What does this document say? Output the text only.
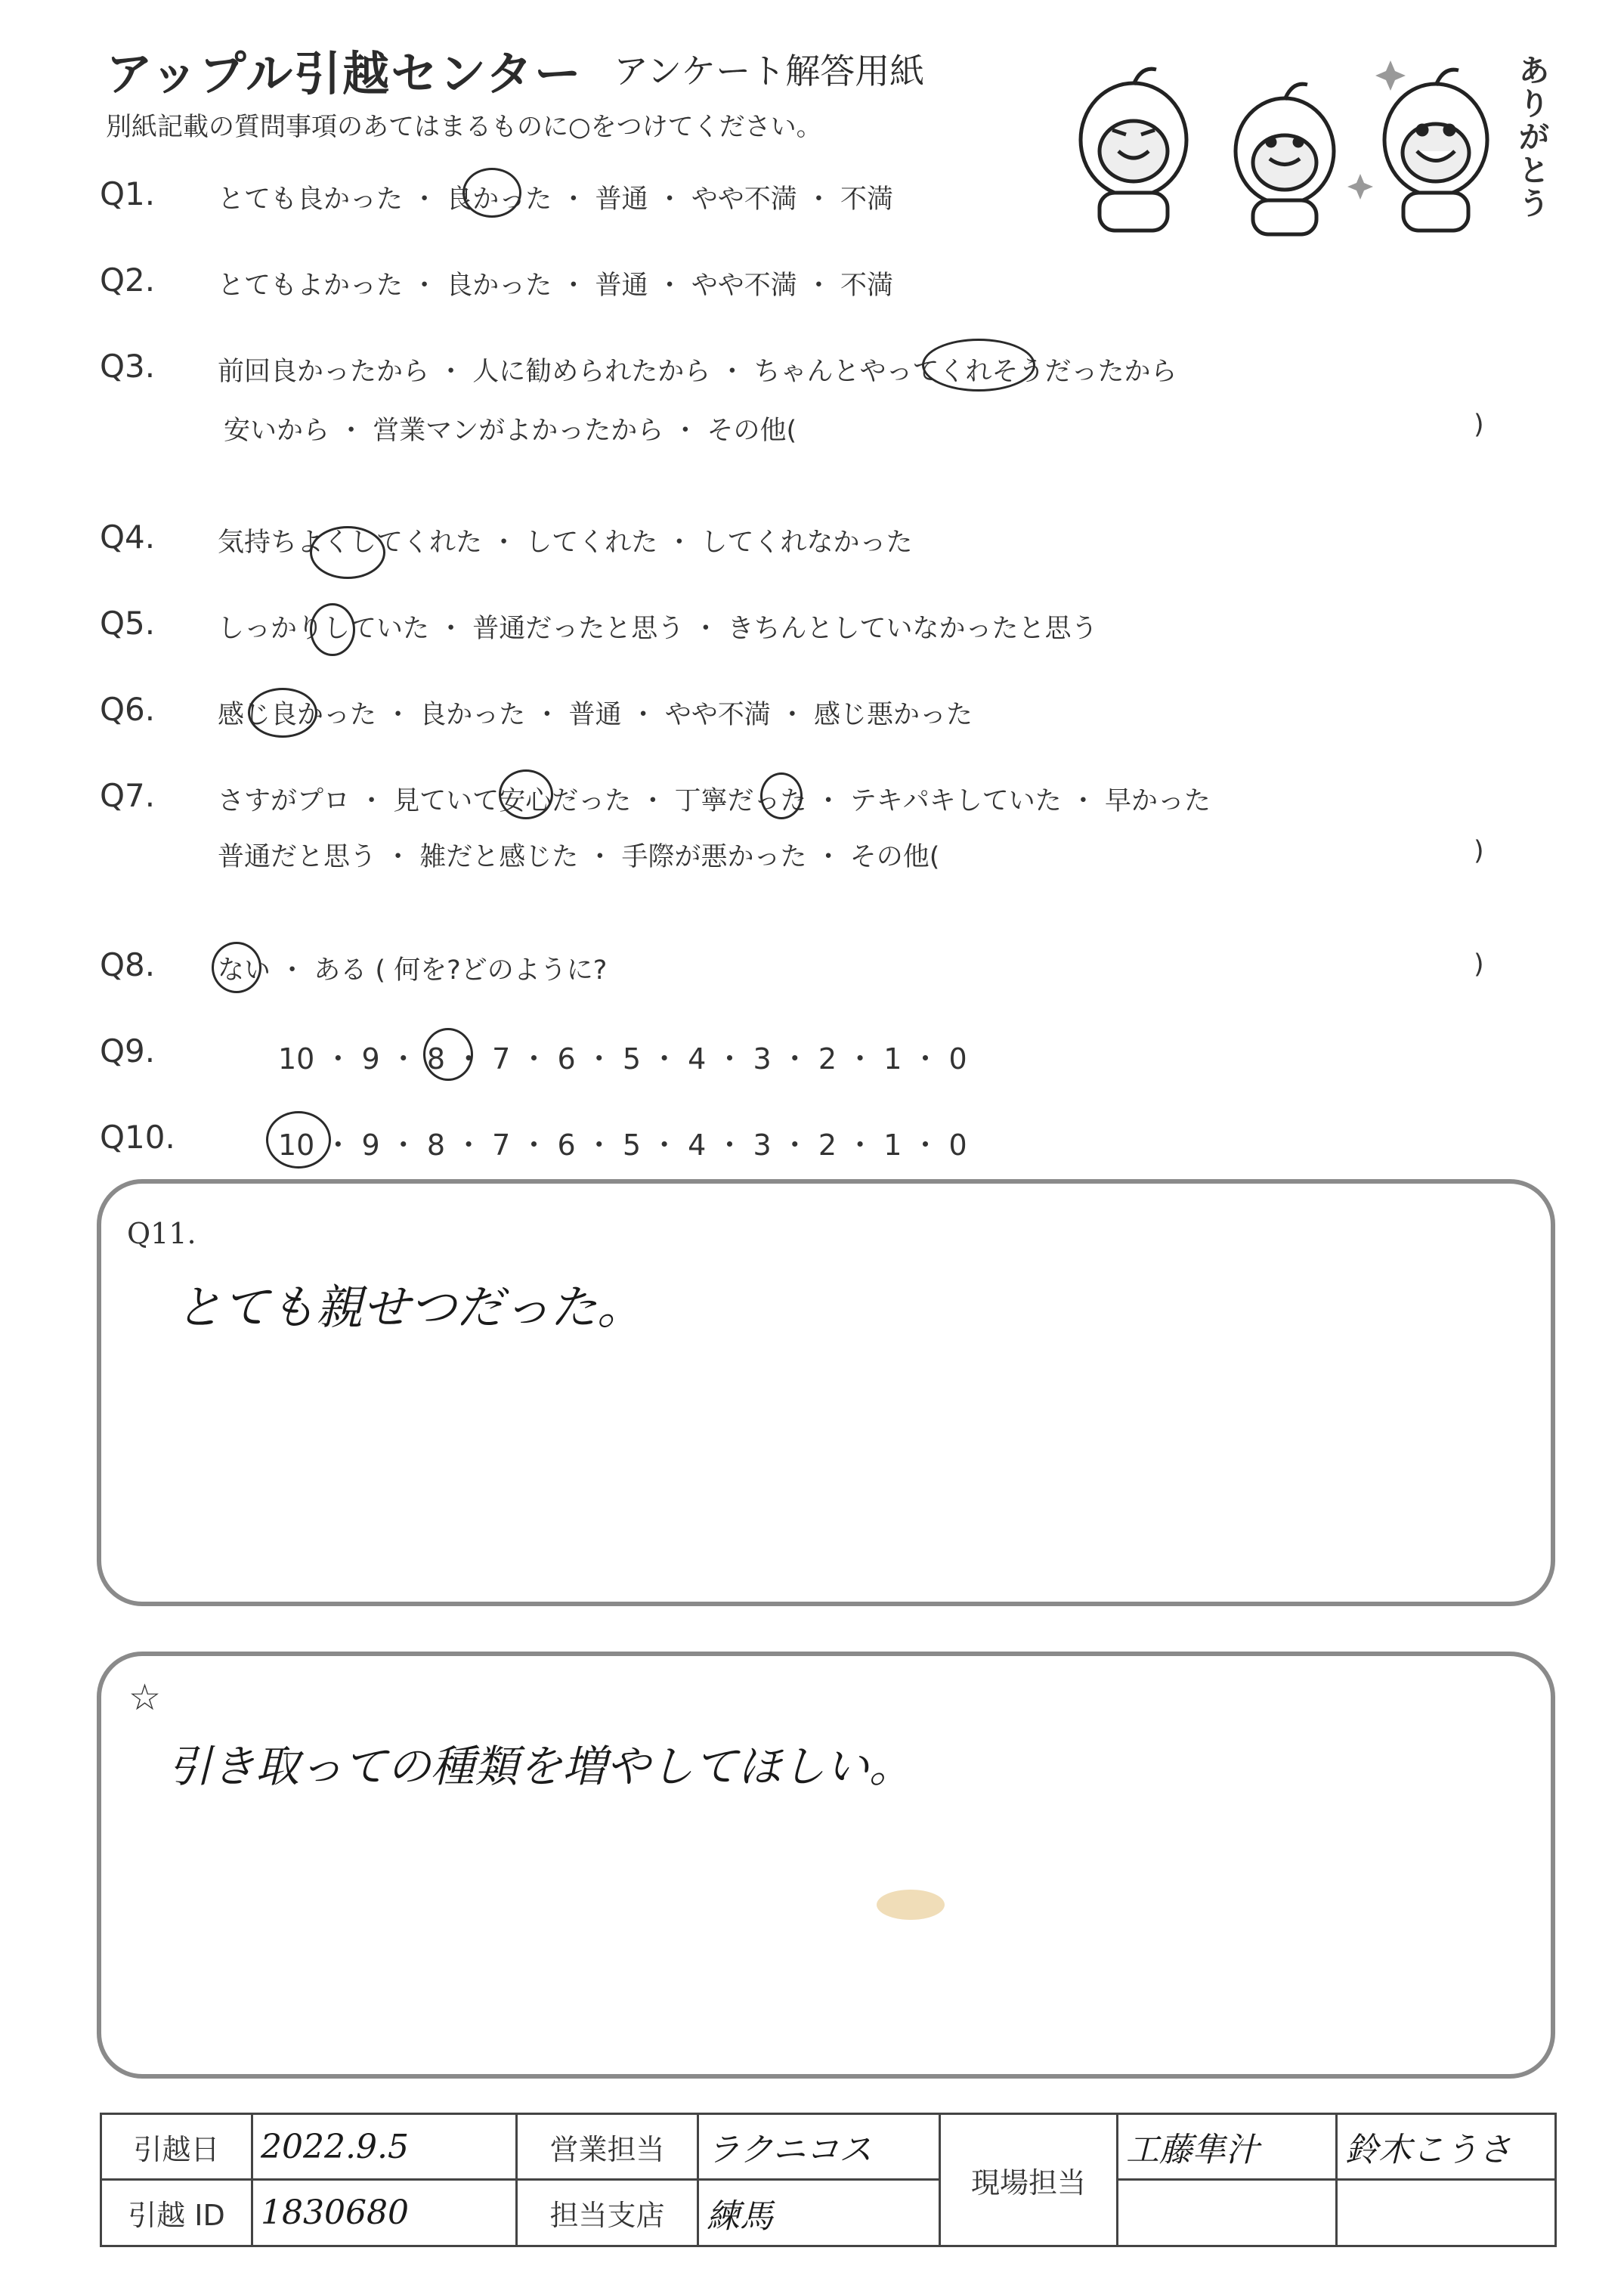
アップル引越センター アンケート解答用紙
別紙記載の質問事項のあてはまるものに○をつけてください。
ありがとう
Q1. とても良かった ・ 良かった ・ 普通 ・ やや不満 ・ 不満
Q2. とてもよかった ・ 良かった ・ 普通 ・ やや不満 ・ 不満
Q3. 前回良かったから ・ 人に勧められたから ・ ちゃんとやってくれそうだったから
安いから ・ 営業マンがよかったから ・ その他(	)
Q4. 気持ちよくしてくれた ・ してくれた ・ してくれなかった
Q5. しっかりしていた ・ 普通だったと思う ・ きちんとしていなかったと思う
Q6. 感じ良かった ・ 良かった ・ 普通 ・ やや不満 ・ 感じ悪かった
Q7. さすがプロ ・ 見ていて安心だった ・ 丁寧だった ・ テキパキしていた ・ 早かった
普通だと思う ・ 雑だと感じた ・ 手際が悪かった ・ その他(	)
Q8. ない ・ ある ( 何を?どのように?	)
Q9.	10 ・ 9 ・ 8 ・ 7 ・ 6 ・ 5 ・ 4 ・ 3 ・ 2 ・ 1 ・ 0
Q10.	10 ・ 9 ・ 8 ・ 7 ・ 6 ・ 5 ・ 4 ・ 3 ・ 2 ・ 1 ・ 0
Q11.
とても親せつだった。
☆
引き取っての種類を増やしてほしい。
引越日	2022.9.5	営業担当	ラクニコス	現場担当	工藤隼汁	鈴木こうさ
引越 ID	1830680	担当支店	練馬			
